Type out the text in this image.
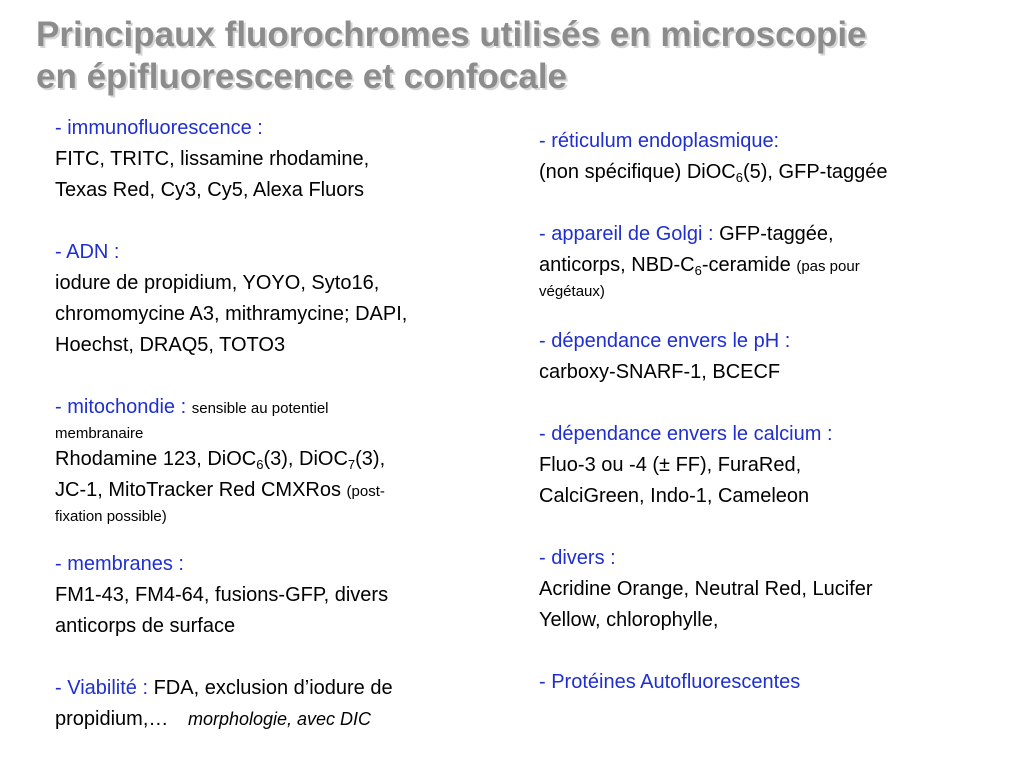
Principaux fluorochromes utilisés en microscopie
en épifluorescence et confocale
- immunofluorescence :
FITC, TRITC, lissamine rhodamine,
Texas Red, Cy3, Cy5, Alexa Fluors
- ADN :
iodure de propidium, YOYO, Syto16,
chromomycine A3, mithramycine; DAPI,
Hoechst, DRAQ5, TOTO3
- mitochondie : sensible au potentiel
membranaire
Rhodamine 123, DiOC$_6$(3), DiOC$_7$(3),
JC-1, MitoTracker Red CMXRos (post-
fixation possible)
- membranes :
FM1-43, FM4-64, fusions-GFP, divers
anticorps de surface
- Viabilité : FDA, exclusion d’iodure de
propidium,… morphologie, avec DIC
- réticulum endoplasmique:
(non spécifique) DiOC$_6$(5), GFP-taggée
- appareil de Golgi : GFP-taggée,
anticorps, NBD-$C_6$-ceramide (pas pour
végétaux)
- dépendance envers le pH :
carboxy-SNARF-1, BCECF
- dépendance envers le calcium :
Fluo-3 ou -4 (± FF), FuraRed,
CalciGreen, Indo-1, Cameleon
- divers :
Acridine Orange, Neutral Red, Lucifer
Yellow, chlorophylle,
- Protéines Autofluorescentes
